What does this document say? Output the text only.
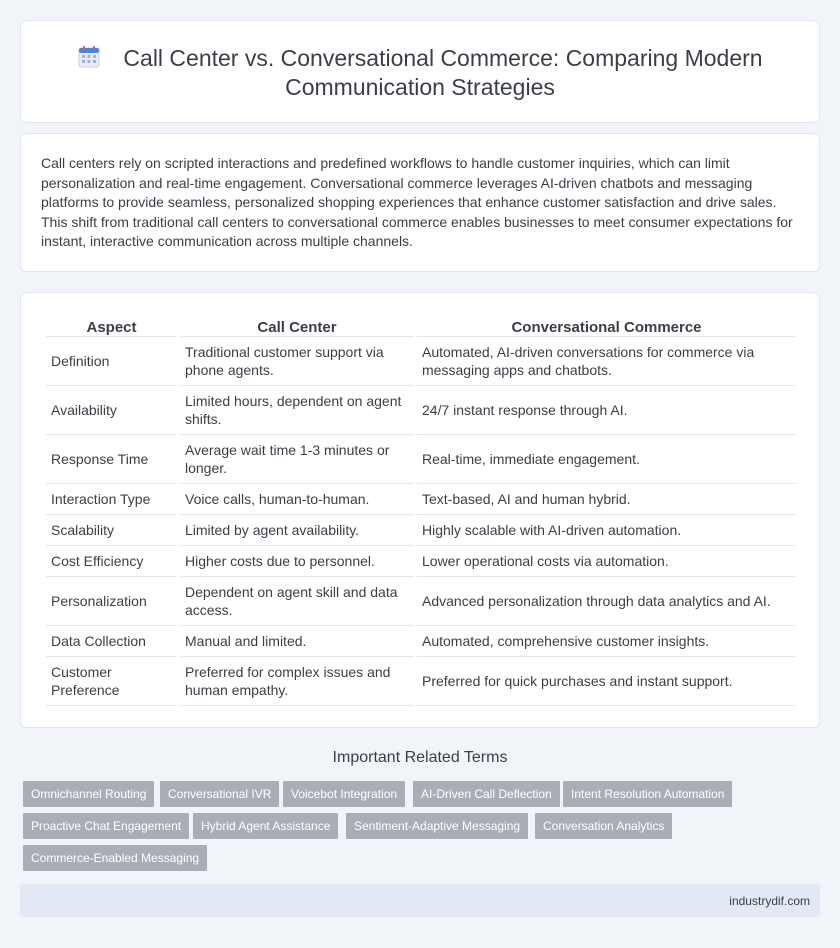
Call Center vs. Conversational Commerce: Comparing Modern Communication Strategies

Call centers rely on scripted interactions and predefined workflows to handle customer inquiries, which can limit personalization and real-time engagement. Conversational commerce leverages AI-driven chatbots and messaging platforms to provide seamless, personalized shopping experiences that enhance customer satisfaction and drive sales. This shift from traditional call centers to conversational commerce enables businesses to meet consumer expectations for instant, interactive communication across multiple channels.

Aspect	Call Center	Conversational Commerce
Definition	Traditional customer support via phone agents.	Automated, AI-driven conversations for commerce via messaging apps and chatbots.
Availability	Limited hours, dependent on agent shifts.	24/7 instant response through AI.
Response Time	Average wait time 1-3 minutes or longer.	Real-time, immediate engagement.
Interaction Type	Voice calls, human-to-human.	Text-based, AI and human hybrid.
Scalability	Limited by agent availability.	Highly scalable with AI-driven automation.
Cost Efficiency	Higher costs due to personnel.	Lower operational costs via automation.
Personalization	Dependent on agent skill and data access.	Advanced personalization through data analytics and AI.
Data Collection	Manual and limited.	Automated, comprehensive customer insights.
Customer Preference	Preferred for complex issues and human empathy.	Preferred for quick purchases and instant support.
Important Related Terms
Omnichannel Routing	Conversational IVR	Voicebot Integration	AI-Driven Call Deflection	Intent Resolution Automation
Proactive Chat Engagement	Hybrid Agent Assistance	Sentiment-Adaptive Messaging	Conversation Analytics
Commerce-Enabled Messaging
industrydif.com
